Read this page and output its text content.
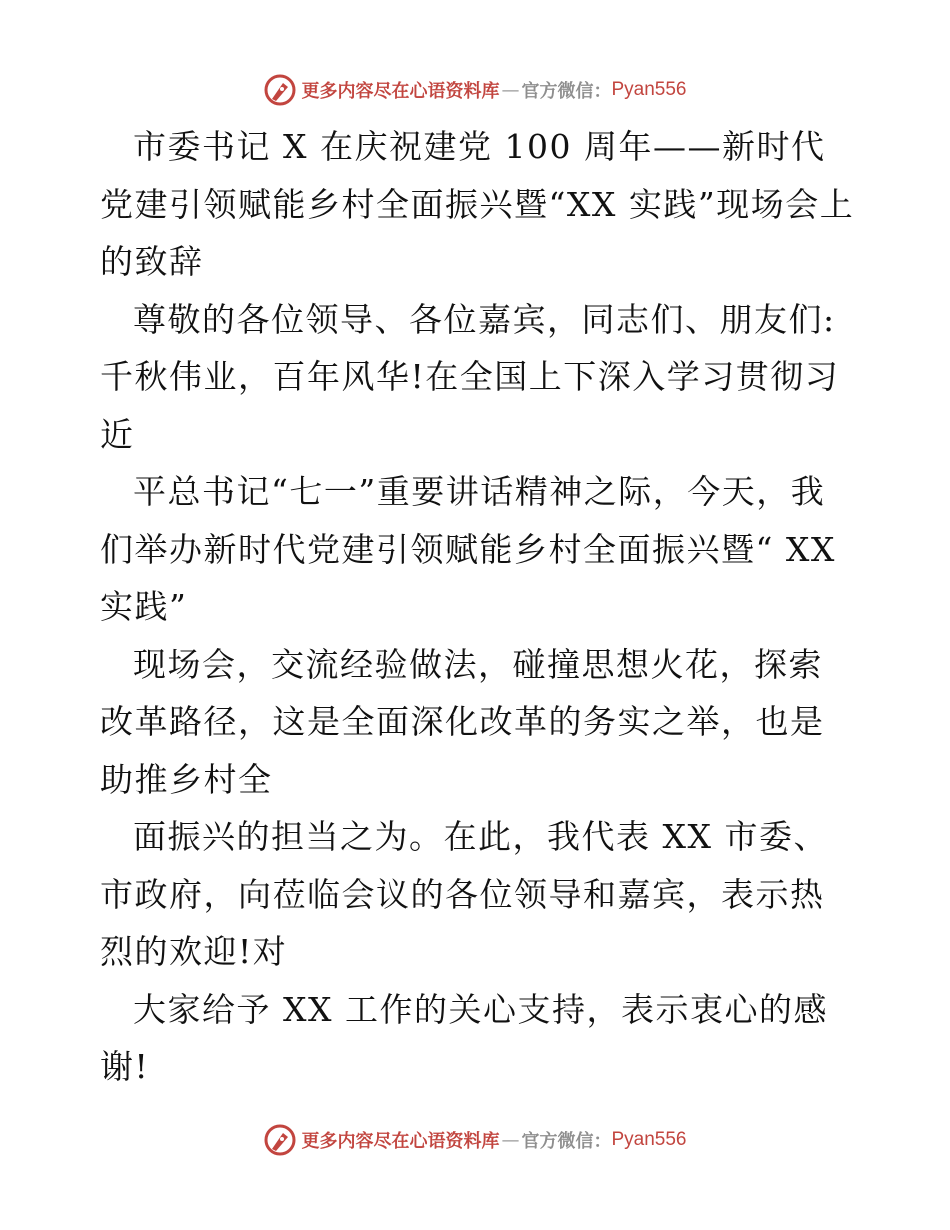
更多内容尽在心语资料库 — 官方微信： Pyan556

市委书记 X 在庆祝建党 100 周年——新时代党建引领赋能乡村全面振兴暨“XX 实践”现场会上的致辞

尊敬的各位领导、各位嘉宾，同志们、朋友们: 千秋伟业，百年风华!在全国上下深入学习贯彻习近

平总书记“七一”重要讲话精神之际，今天，我们举办新时代党建引领赋能乡村全面振兴暨“ XX 实践”

现场会，交流经验做法，碰撞思想火花，探索改革路径，这是全面深化改革的务实之举，也是助推乡村全

面振兴的担当之为。在此，我代表 XX 市委、市政府，向莅临会议的各位领导和嘉宾，表示热烈的欢迎!对

大家给予 XX 工作的关心支持，表示衷心的感谢!

更多内容尽在心语资料库 — 官方微信： Pyan556
